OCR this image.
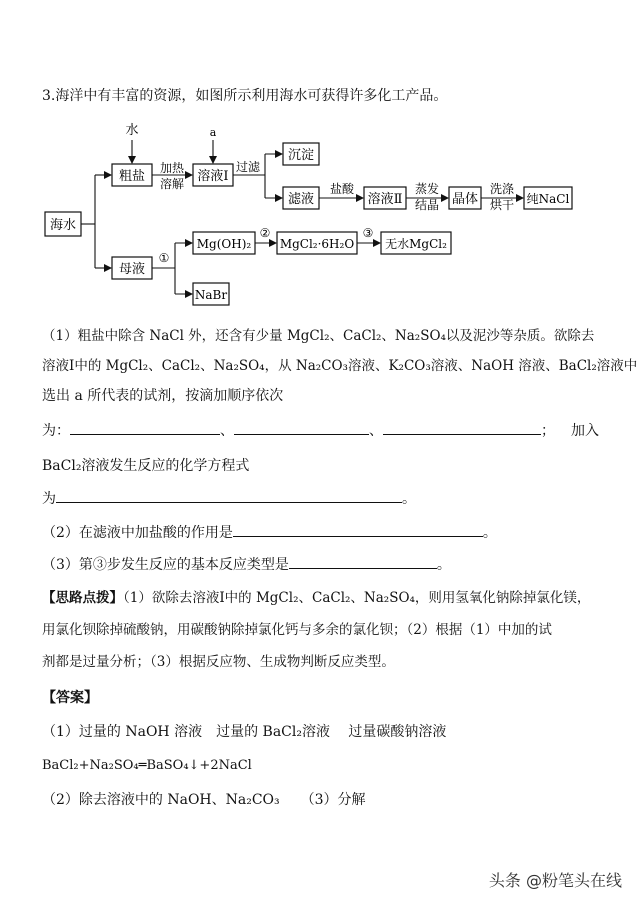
海水
粗盐	溶液Ⅰ
沉淀
滤液	溶液Ⅱ	晶体	纯NaCl
母液
Mg(OH)₂ MgCl₂·6H₂O	无水MgCl₂
NaBr
水	a
加热
溶解
过滤
盐酸	蒸发
结晶
洗涤
烘干
①
②	③
3.海洋中有丰富的资源，如图所示利用海水可获得许多化工产品。
（1）粗盐中除含 NaCl 外，还含有少量 MgCl₂、CaCl₂、Na₂SO₄以及泥沙等杂质。欲除去
溶液Ⅰ中的 MgCl₂、CaCl₂、Na₂SO₄，从 Na₂CO₃溶液、K₂CO₃溶液、NaOH 溶液、BaCl₂溶液中
选出 a 所代表的试剂，按滴加顺序依次
为：	、	、	； 加入
BaCl₂溶液发生反应的化学方程式
为	。
（2）在滤液中加盐酸的作用是	。
（3）第③步发生反应的基本反应类型是	。
【思路点拨】（1）欲除去溶液Ⅰ中的 MgCl₂、CaCl₂、Na₂SO₄，则用氢氧化钠除掉氯化镁，
用氯化钡除掉硫酸钠，用碳酸钠除掉氯化钙与多余的氯化钡；（2）根据（1）中加的试
剂都是过量分析；（3）根据反应物、生成物判断反应类型。
【答案】
（1）过量的 NaOH 溶液　过量的 BaCl₂溶液　 过量碳酸钠溶液
BaCl₂+Na₂SO₄═BaSO₄↓+2NaCl
（2）除去溶液中的 NaOH、Na₂CO₃　　（3）分解
头条 @粉笔头在线
